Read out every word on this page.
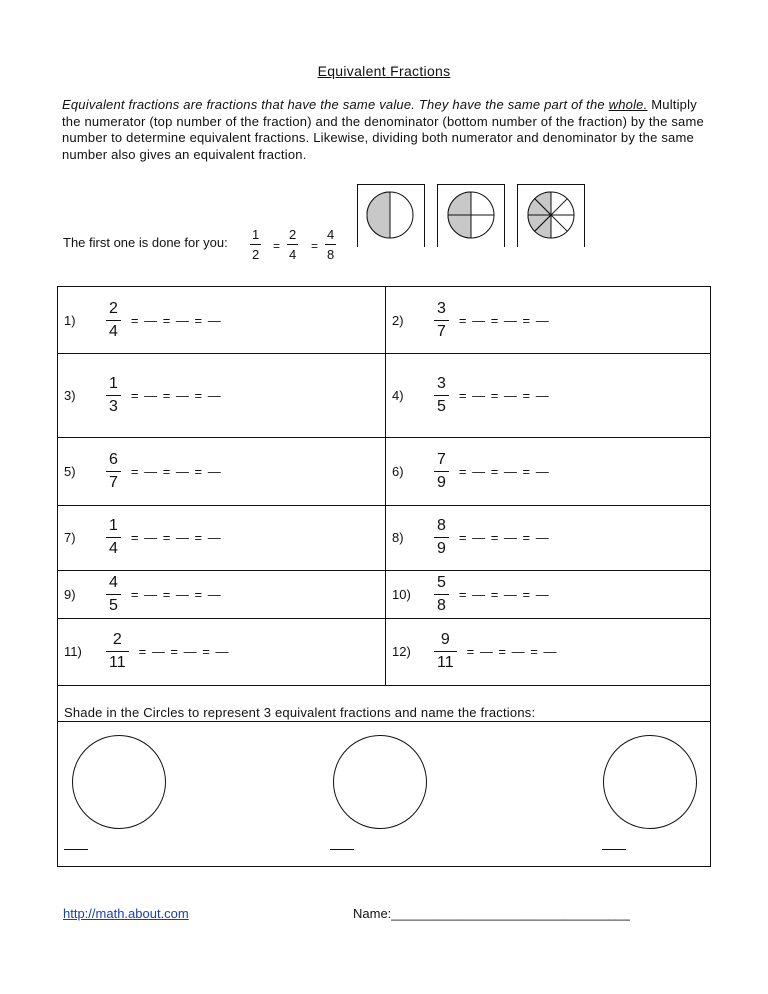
Equivalent Fractions
Equivalent fractions are fractions that have the same value. They have the same part of the whole. Multiply the numerator (top number of the fraction) and the denominator (bottom number of the fraction) by the same number to determine equivalent fractions. Likewise, dividing both numerator and denominator by the same number also gives an equivalent fraction.
The first one is done for you: $\frac{1}{2} = \frac{2}{4} = \frac{4}{8}$
1)	$\frac{2}{4}$ = — = — = —	2)	$\frac{3}{7}$ = — = — = —
3)	$\frac{1}{3}$ = — = — = —	4)	$\frac{3}{5}$ = — = — = —
5)	$\frac{6}{7}$ = — = — = —	6)	$\frac{7}{9}$ = — = — = —
7)	$\frac{1}{4}$ = — = — = —	8)	$\frac{8}{9}$ = — = — = —
9)	$\frac{4}{5}$ = — = — = —	10)	$\frac{5}{8}$ = — = — = —
11)	$\frac{2}{11}$ = — = — = —	12)	$\frac{9}{11}$ = — = — = —
Shade in the Circles to represent 3 equivalent fractions and name the fractions:
http://math.about.com	Name:_________________________________
